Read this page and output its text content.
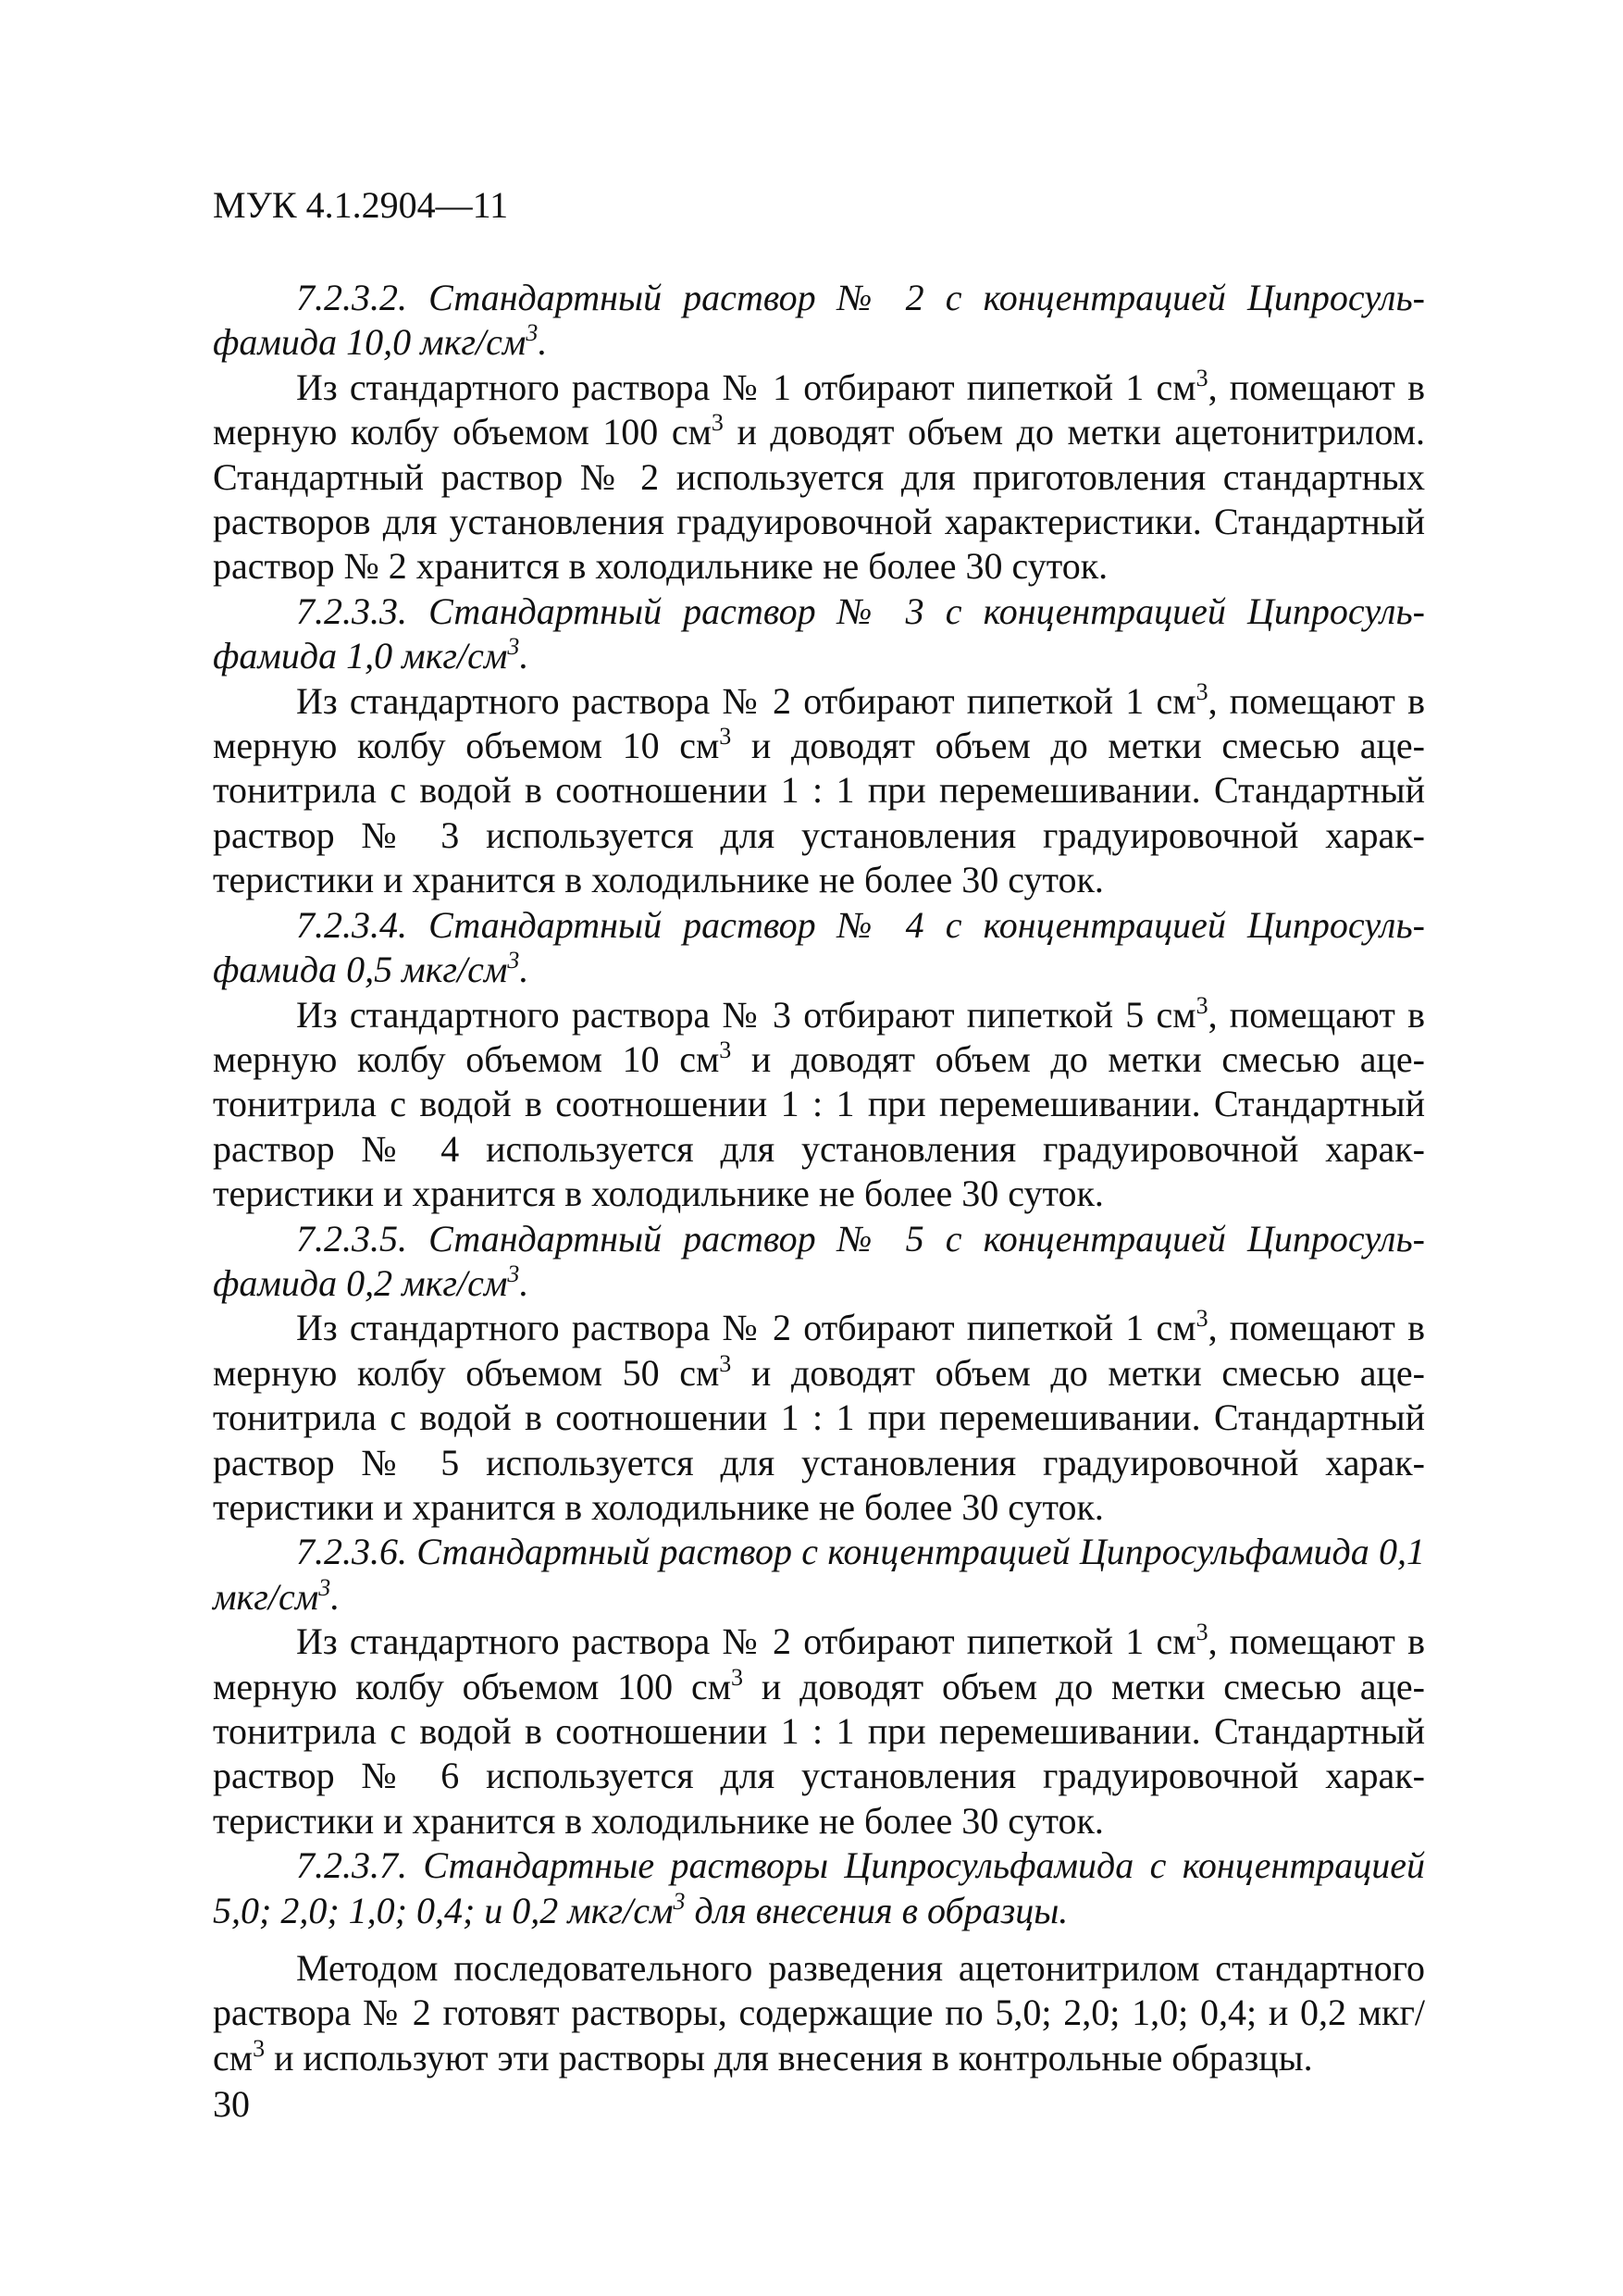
МУК 4.1.2904—11

7.2.3.2. Стандартный раствор № 2 с концентрацией Ципросульфамида 10,0 мкг/$см^3$.

Из стандартного раствора № 1 отбирают пипеткой 1 $см^3$, помещают в мерную колбу объемом 100 $см^3$ и доводят объем до метки ацетонитрилом. Стандартный раствор № 2 используется для приготовления стандартных растворов для установления градуировочной характеристики. Стандартный раствор № 2 хранится в холодильнике не более 30 суток.

7.2.3.3. Стандартный раствор № 3 с концентрацией Ципросульфамида 1,0 мкг/$см^3$.

Из стандартного раствора № 2 отбирают пипеткой 1 $см^3$, помещают в мерную колбу объемом 10 $см^3$ и доводят объем до метки смесью ацетонитрила с водой в соотношении 1 : 1 при перемешивании. Стандартный раствор № 3 используется для установления градуировочной характеристики и хранится в холодильнике не более 30 суток.

7.2.3.4. Стандартный раствор № 4 с концентрацией Ципросульфамида 0,5 мкг/$см^3$.

Из стандартного раствора № 3 отбирают пипеткой 5 $см^3$, помещают в мерную колбу объемом 10 $см^3$ и доводят объем до метки смесью ацетонитрила с водой в соотношении 1 : 1 при перемешивании. Стандартный раствор № 4 используется для установления градуировочной характеристики и хранится в холодильнике не более 30 суток.

7.2.3.5. Стандартный раствор № 5 с концентрацией Ципросульфамида 0,2 мкг/$см^3$.

Из стандартного раствора № 2 отбирают пипеткой 1 $см^3$, помещают в мерную колбу объемом 50 $см^3$ и доводят объем до метки смесью ацетонитрила с водой в соотношении 1 : 1 при перемешивании. Стандартный раствор № 5 используется для установления градуировочной характеристики и хранится в холодильнике не более 30 суток.

7.2.3.6. Стандартный раствор с концентрацией Ципросульфамида 0,1 мкг/$см^3$.

Из стандартного раствора № 2 отбирают пипеткой 1 $см^3$, помещают в мерную колбу объемом 100 $см^3$ и доводят объем до метки смесью ацетонитрила с водой в соотношении 1 : 1 при перемешивании. Стандартный раствор № 6 используется для установления градуировочной характеристики и хранится в холодильнике не более 30 суток.

7.2.3.7. Стандартные растворы Ципросульфамида с концентрацией 5,0; 2,0; 1,0; 0,4; и 0,2 мкг/$см^3$ для внесения в образцы.

Методом последовательного разведения ацетонитрилом стандартного раствора № 2 готовят растворы, содержащие по 5,0; 2,0; 1,0; 0,4; и 0,2 мкг/$см^3$ и используют эти растворы для внесения в контрольные образцы.

30
